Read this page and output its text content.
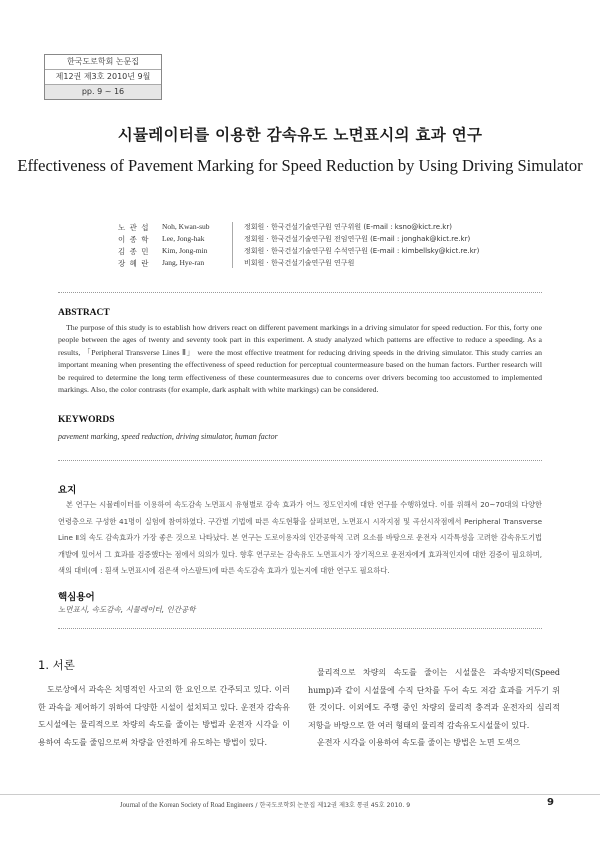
한국도로학회 논문집
제12권 제3호 2010년 9월
pp. 9 ~ 16
시뮬레이터를 이용한 감속유도 노면표시의 효과 연구
Effectiveness of Pavement Marking for Speed Reduction by Using Driving Simulator
노 관 섭	Noh, Kwan-sub	정회원 · 한국건설기술연구원 연구위원 (E-mail : ksno@kict.re.kr)
이 종 학	Lee, Jong-hak	정회원 · 한국건설기술연구원 전임연구원 (E-mail : jonghak@kict.re.kr)
김 종 민	Kim, Jong-min	정회원 · 한국건설기술연구원 수석연구원 (E-mail : kimbellsky@kict.re.kr)
장 혜 란	Jang, Hye-ran	비회원 · 한국건설기술연구원 연구원
ABSTRACT

The purpose of this study is to establish how drivers react on different pavement markings in a driving simulator for speed reduction. For this, forty one people between the ages of twenty and seventy took part in this experiment. A study analyzed which patterns are effective to reduce a speeding. As a results, 「Peripheral Transverse Lines Ⅱ」 were the most effective treatment for reducing driving speeds in the driving simulator. This study carries an important meaning when presenting the effectiveness of speed reduction for perceptual countermeasure based on the human factors. Further research will be required to determine the long term effectiveness of these countermeasures due to concerns over drivers becoming too accustomed to implemented markings. Also, the color contrasts (for example, dark asphalt with white markings) can be considered.

KEYWORDS
pavement marking, speed reduction, driving simulator, human factor
요지

본 연구는 시뮬레이터를 이용하여 속도감속 노면표시 유형별로 감속 효과가 어느 정도인지에 대한 연구를 수행하였다. 이를 위해서 20~70대의 다양한 연령층으로 구성한 41명이 실험에 참여하였다. 구간별 기법에 따른 속도현황을 살펴보면, 노면표시 시작지점 및 곡선시작점에서 Peripheral Transverse Line Ⅱ의 속도 감속효과가 가장 좋은 것으로 나타났다. 본 연구는 도로이용자의 인간공학적 고려 요소를 바탕으로 운전자 시각특성을 고려한 감속유도기법 개발에 있어서 그 효과를 검증했다는 점에서 의의가 있다. 향후 연구로는 감속유도 노면표시가 장기적으로 운전자에게 효과적인지에 대한 검증이 필요하며, 색의 대비(예 : 흰색 노면표시에 검은색 아스팔트)에 따른 속도감속 효과가 있는지에 대한 연구도 필요하다.

핵심용어
노면표시, 속도감속, 시뮬레이터, 인간공학
1. 서론

도로상에서 과속은 치명적인 사고의 한 요인으로 간주되고 있다. 이러한 과속을 제어하기 위하여 다양한 시설이 설치되고 있다. 운전자 감속유도시설에는 물리적으로 차량의 속도를 줄이는 방법과 운전자 시각을 이용하여 속도를 줄임으로써 차량을 안전하게 유도하는 방법이 있다.

물리적으로 차량의 속도를 줄이는 시설물은 과속방지턱(Speed hump)과 같이 시설물에 수직 단차를 두어 속도 저감 효과를 거두기 위한 것이다. 이외에도 주행 중인 차량의 물리적 충격과 운전자의 심리적 저항을 바탕으로 한 여러 형태의 물리적 감속유도시설물이 있다.

운전자 시각을 이용하여 속도를 줄이는 방법은 노면 도색으

Journal of the Korean Society of Road Engineers / 한국도로학회 논문집 제12권 제3호 통권 45호 2010. 9	9
